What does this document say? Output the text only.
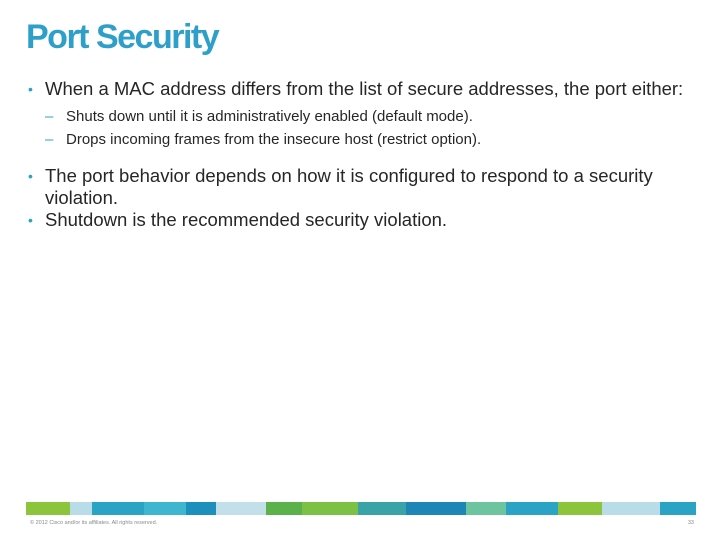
Port Security
• When a MAC address differs from the list of secure addresses, the port either:
– Shuts down until it is administratively enabled (default mode).
– Drops incoming frames from the insecure host (restrict option).
• The port behavior depends on how it is configured to respond to a security violation.
• Shutdown is the recommended security violation.
© 2012 Cisco and/or its affiliates. All rights reserved.	33
